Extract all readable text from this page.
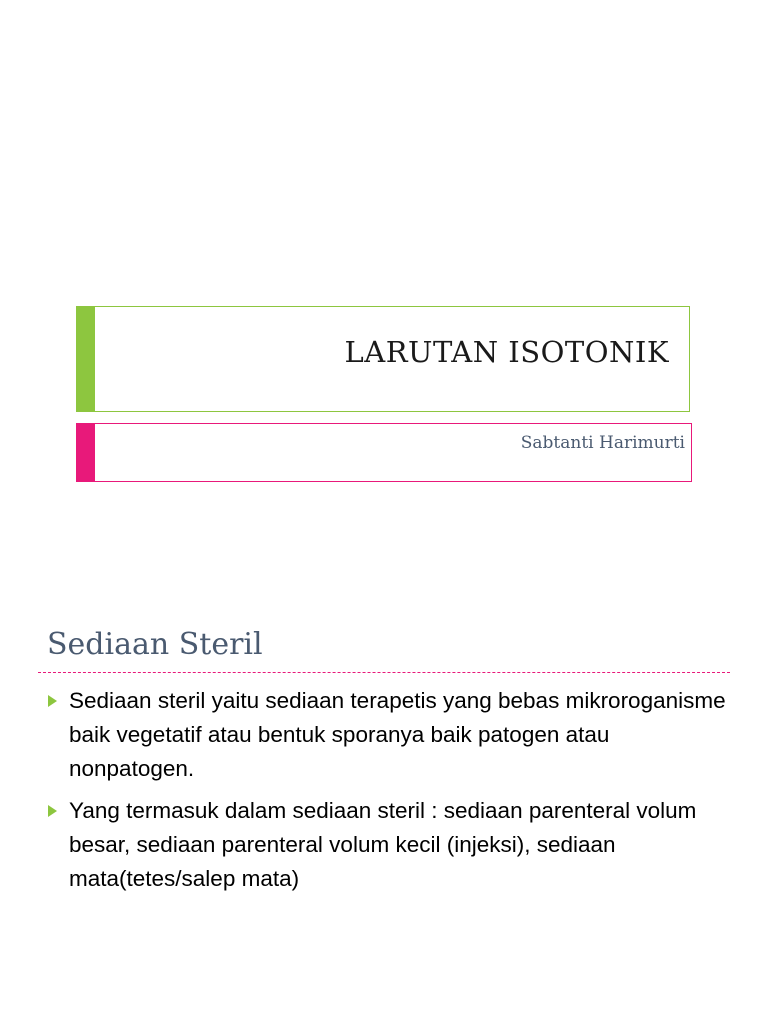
LARUTAN ISOTONIK
Sabtanti Harimurti
Sediaan Steril
Sediaan steril yaitu sediaan terapetis yang bebas mikroroganisme baik vegetatif atau bentuk sporanya baik patogen atau nonpatogen.
Yang termasuk dalam sediaan steril : sediaan parenteral volum besar, sediaan parenteral volum kecil (injeksi), sediaan mata(tetes/salep mata)
